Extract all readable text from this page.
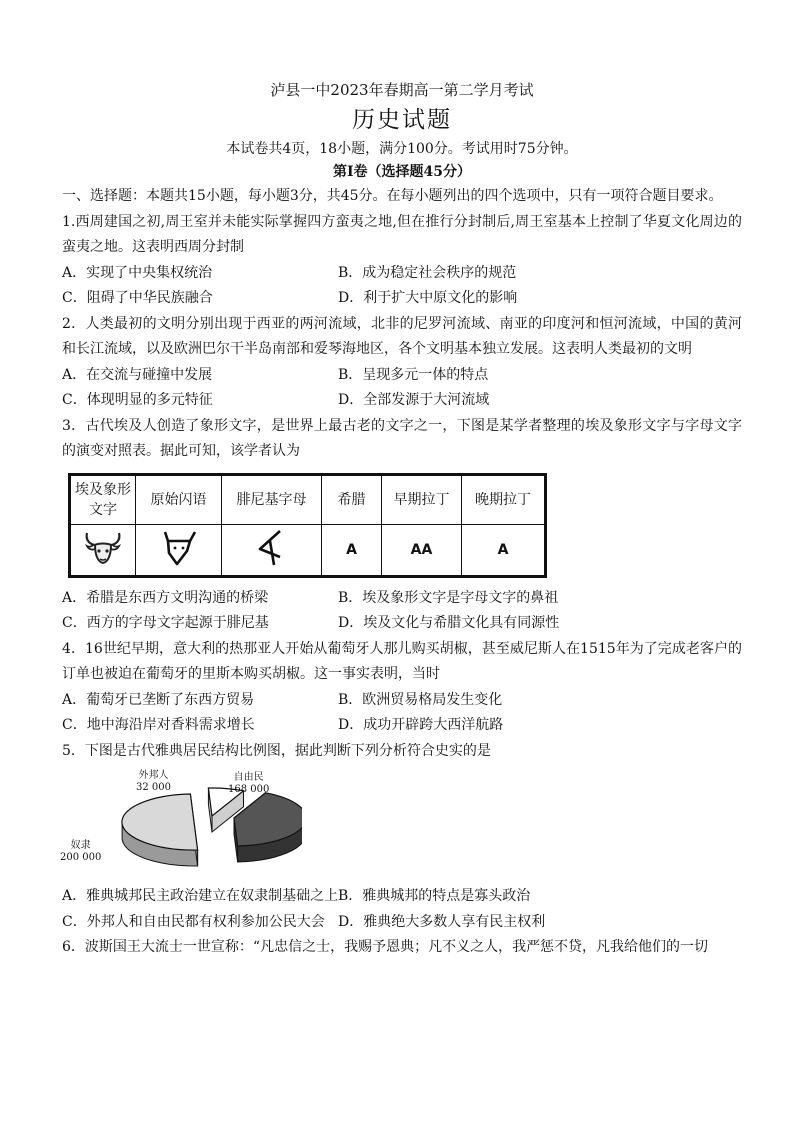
泸县一中2023年春期高一第二学月考试
历史试题
本试卷共4页，18小题，满分100分。考试用时75分钟。
第I卷（选择题45分）

一、选择题：本题共15小题，每小题3分，共45分。在每小题列出的四个选项中，只有一项符合题目要求。

1.西周建国之初,周王室并未能实际掌握四方蛮夷之地,但在推行分封制后,周王室基本上控制了华夏文化周边的蛮夷之地。这表明西周分封制

A．实现了中央集权统治	B．成为稳定社会秩序的规范
C．阻碍了中华民族融合	D．利于扩大中原文化的影响

2．人类最初的文明分别出现于西亚的两河流域，北非的尼罗河流域、南亚的印度河和恒河流域，中国的黄河和长江流域，以及欧洲巴尔干半岛南部和爱琴海地区，各个文明基本独立发展。这表明人类最初的文明

A．在交流与碰撞中发展	B．呈现多元一体的特点
C．体现明显的多元特征	D．全部发源于大河流域

3．古代埃及人创造了象形文字，是世界上最古老的文字之一，下图是某学者整理的埃及象形文字与字母文字的演变对照表。据此可知，该学者认为

埃及象形文字	原始闪语	腓尼基字母	希腊	早期拉丁	晚期拉丁
			A	AA	A
A．希腊是东西方文明沟通的桥梁	B．埃及象形文字是字母文字的鼻祖
C．西方的字母文字起源于腓尼基	D．埃及文化与希腊文化具有同源性

4．16世纪早期，意大利的热那亚人开始从葡萄牙人那儿购买胡椒，甚至威尼斯人在1515年为了完成老客户的订单也被迫在葡萄牙的里斯本购买胡椒。这一事实表明，当时

A．葡萄牙已垄断了东西方贸易	B．欧洲贸易格局发生变化
C．地中海沿岸对香料需求增长	D．成功开辟跨大西洋航路

5．下图是古代雅典居民结构比例图，据此判断下列分析符合史实的是

外邦人
32 000
自由民
168 000
奴隶
200 000
A．雅典城邦民主政治建立在奴隶制基础之上 B．雅典城邦的特点是寡头政治
C．外邦人和自由民都有权利参加公民大会 D．雅典绝大多数人享有民主权利

6．波斯国王大流士一世宣称：“凡忠信之士，我赐予恩典；凡不义之人，我严惩不贷，凡我给他们的一切
